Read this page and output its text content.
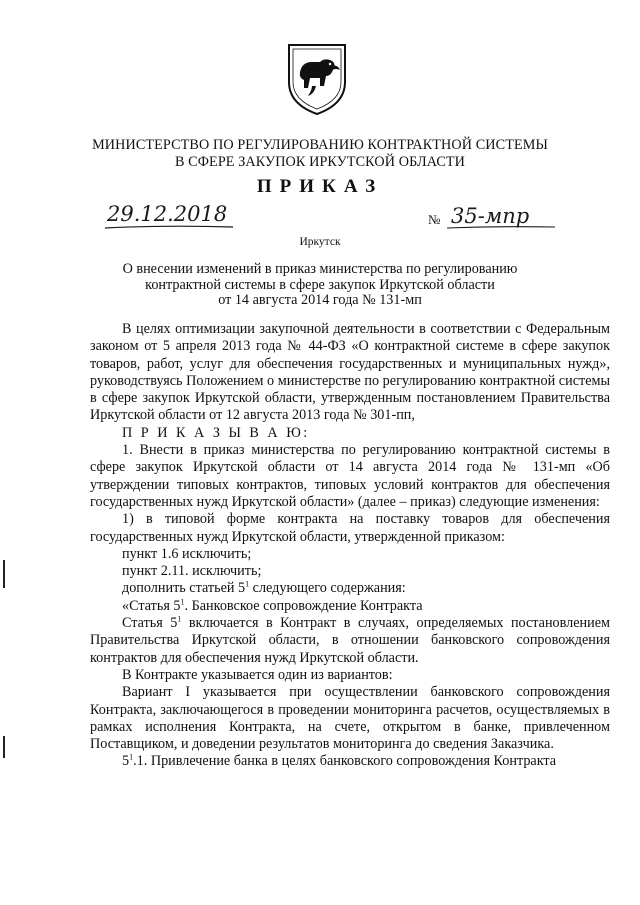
МИНИСТЕРСТВО ПО РЕГУЛИРОВАНИЮ КОНТРАКТНОЙ СИСТЕМЫ
В СФЕРЕ ЗАКУПОК ИРКУТСКОЙ ОБЛАСТИ
ПРИКАЗ
29.12.2018	№ 35-мпр
Иркутск
О внесении изменений в приказ министерства по регулированию
контрактной системы в сфере закупок Иркутской области
от 14 августа 2014 года № 131-мп

В целях оптимизации закупочной деятельности в соответствии с Федеральным законом от 5 апреля 2013 года № 44-ФЗ «О контрактной системе в сфере закупок товаров, работ, услуг для обеспечения государственных и муниципальных нужд», руководствуясь Положением о министерстве по регулированию контрактной системы в сфере закупок Иркутской области, утвержденным постановлением Правительства Иркутской области от 12 августа 2013 года № 301-пп,

П Р И К А З Ы В А Ю:

1. Внести в приказ министерства по регулированию контрактной системы в сфере закупок Иркутской области от 14 августа 2014 года № 131-мп «Об утверждении типовых контрактов, типовых условий контрактов для обеспечения государственных нужд Иркутской области» (далее – приказ) следующие изменения:

1) в типовой форме контракта на поставку товаров для обеспечения государственных нужд Иркутской области, утвержденной приказом:

пункт 1.6 исключить;

пункт 2.11. исключить;

дополнить статьей $5^1$ следующего содержания:

«Статья $5^1$. Банковское сопровождение Контракта

Статья $5^1$ включается в Контракт в случаях, определяемых постановлением Правительства Иркутской области, в отношении банковского сопровождения контрактов для обеспечения нужд Иркутской области.

В Контракте указывается один из вариантов:

Вариант I указывается при осуществлении банковского сопровождения Контракта, заключающегося в проведении мониторинга расчетов, осуществляемых в рамках исполнения Контракта, на счете, открытом в банке, привлеченном Поставщиком, и доведении результатов мониторинга до сведения Заказчика.

$5^1.1$. Привлечение банка в целях банковского сопровождения Контракта
